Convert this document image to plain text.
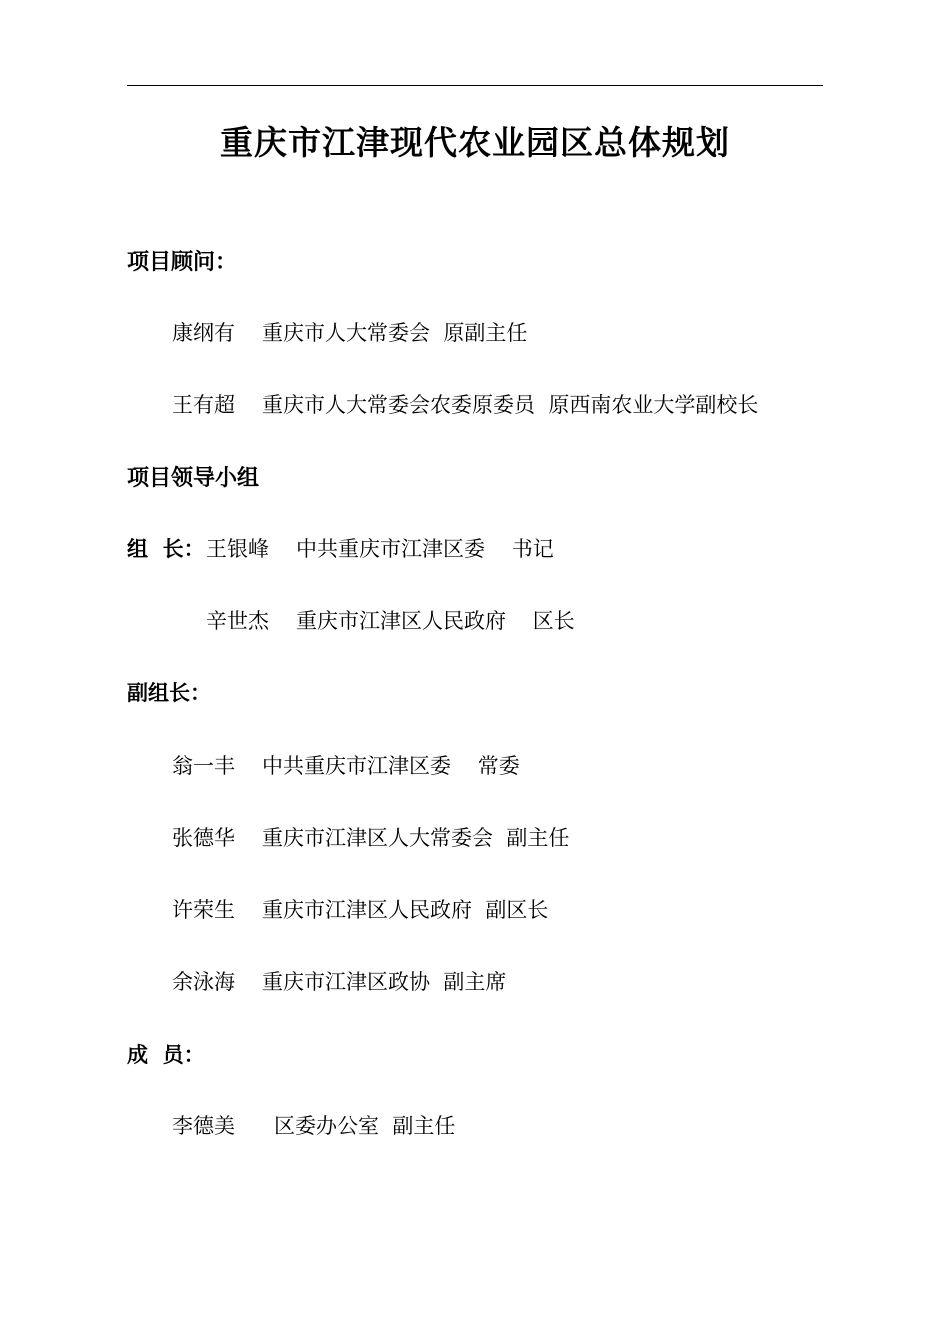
重庆市江津现代农业园区总体规划
项目顾问：
康纲有 重庆市人大常委会  原副主任
王有超 重庆市人大常委会农委原委员  原西南农业大学副校长
项目领导小组
组  长：王银峰 中共重庆市江津区委    书记
辛世杰 重庆市江津区人民政府    区长
副组长：
翁一丰 中共重庆市江津区委    常委
张德华 重庆市江津区人大常委会  副主任
许荣生 重庆市江津区人民政府  副区长
余泳海 重庆市江津区政协  副主席
成  员：
李德美 区委办公室  副主任
